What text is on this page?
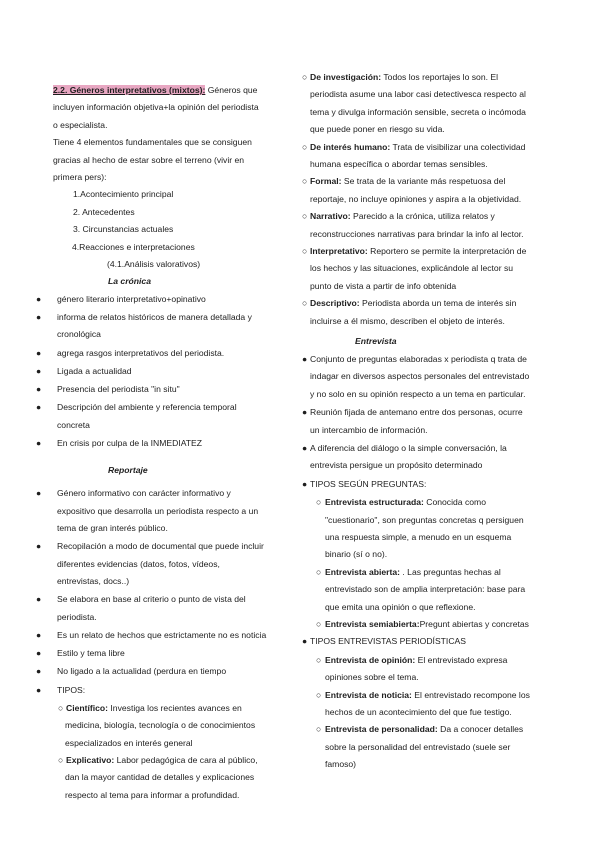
2.2. Géneros interpretativos (mixtos): Géneros que
incluyen información objetiva+la opinión del periodista
o especialista.
Tiene 4 elementos fundamentales que se consiguen
gracias al hecho de estar sobre el terreno (vivir en
primera pers):
1.Acontecimiento principal
2. Antecedentes
3. Circunstancias actuales
4.Reacciones e interpretaciones
(4.1.Análisis valorativos)
La crónica
● género literario interpretativo+opinativo
● informa de relatos históricos de manera detallada y
cronológica
● agrega rasgos interpretativos del periodista.
● Ligada a actualidad
● Presencia del periodista "in situ"
● Descripción del ambiente y referencia temporal
concreta
● En crisis por culpa de la INMEDIATEZ
Reportaje
● Género informativo con carácter informativo y
expositivo que desarrolla un periodista respecto a un
tema de gran interés público.
● Recopilación a modo de documental que puede incluir
diferentes evidencias (datos, fotos, vídeos,
entrevistas, docs..)
● Se elabora en base al criterio o punto de vista del
periodista.
● Es un relato de hechos que estrictamente no es noticia
● Estilo y tema libre
● No ligado a la actualidad (perdura en tiempo
● TIPOS:
○ Científico: Investiga los recientes avances en
medicina, biología, tecnología o de conocimientos
especializados en interés general
○ Explicativo: Labor pedagógica de cara al público,
dan la mayor cantidad de detalles y explicaciones
respecto al tema para informar a profundidad.
○ De investigación: Todos los reportajes lo son. El
periodista asume una labor casi detectivesca respecto al
tema y divulga información sensible, secreta o incómoda
que puede poner en riesgo su vida.
○ De interés humano: Trata de visibilizar una colectividad
humana específica o abordar temas sensibles.
○ Formal: Se trata de la variante más respetuosa del
reportaje, no incluye opiniones y aspira a la objetividad.
○ Narrativo: Parecido a la crónica, utiliza relatos y
reconstrucciones narrativas para brindar la info al lector.
○ Interpretativo: Reportero se permite la interpretación de
los hechos y las situaciones, explicándole al lector su
punto de vista a partir de info obtenida
○ Descriptivo: Periodista aborda un tema de interés sin
incluirse a él mismo, describen el objeto de interés.
Entrevista
● Conjunto de preguntas elaboradas x periodista q trata de
indagar en diversos aspectos personales del entrevistado
y no solo en su opinión respecto a un tema en particular.
● Reunión fijada de antemano entre dos personas, ocurre
un intercambio de información.
● A diferencia del diálogo o la simple conversación, la
entrevista persigue un propósito determinado
● TIPOS SEGÚN PREGUNTAS:
○ Entrevista estructurada: Conocida como
"cuestionario", son preguntas concretas q persiguen
una respuesta simple, a menudo en un esquema
binario (sí o no).
○ Entrevista abierta: . Las preguntas hechas al
entrevistado son de amplia interpretación: base para
que emita una opinión o que reflexione.
○ Entrevista semiabierta:Pregunt abiertas y concretas
● TIPOS ENTREVISTAS PERIODÍSTICAS
○ Entrevista de opinión: El entrevistado expresa
opiniones sobre el tema.
○ Entrevista de noticia: El entrevistado recompone los
hechos de un acontecimiento del que fue testigo.
○ Entrevista de personalidad: Da a conocer detalles
sobre la personalidad del entrevistado (suele ser
famoso)
